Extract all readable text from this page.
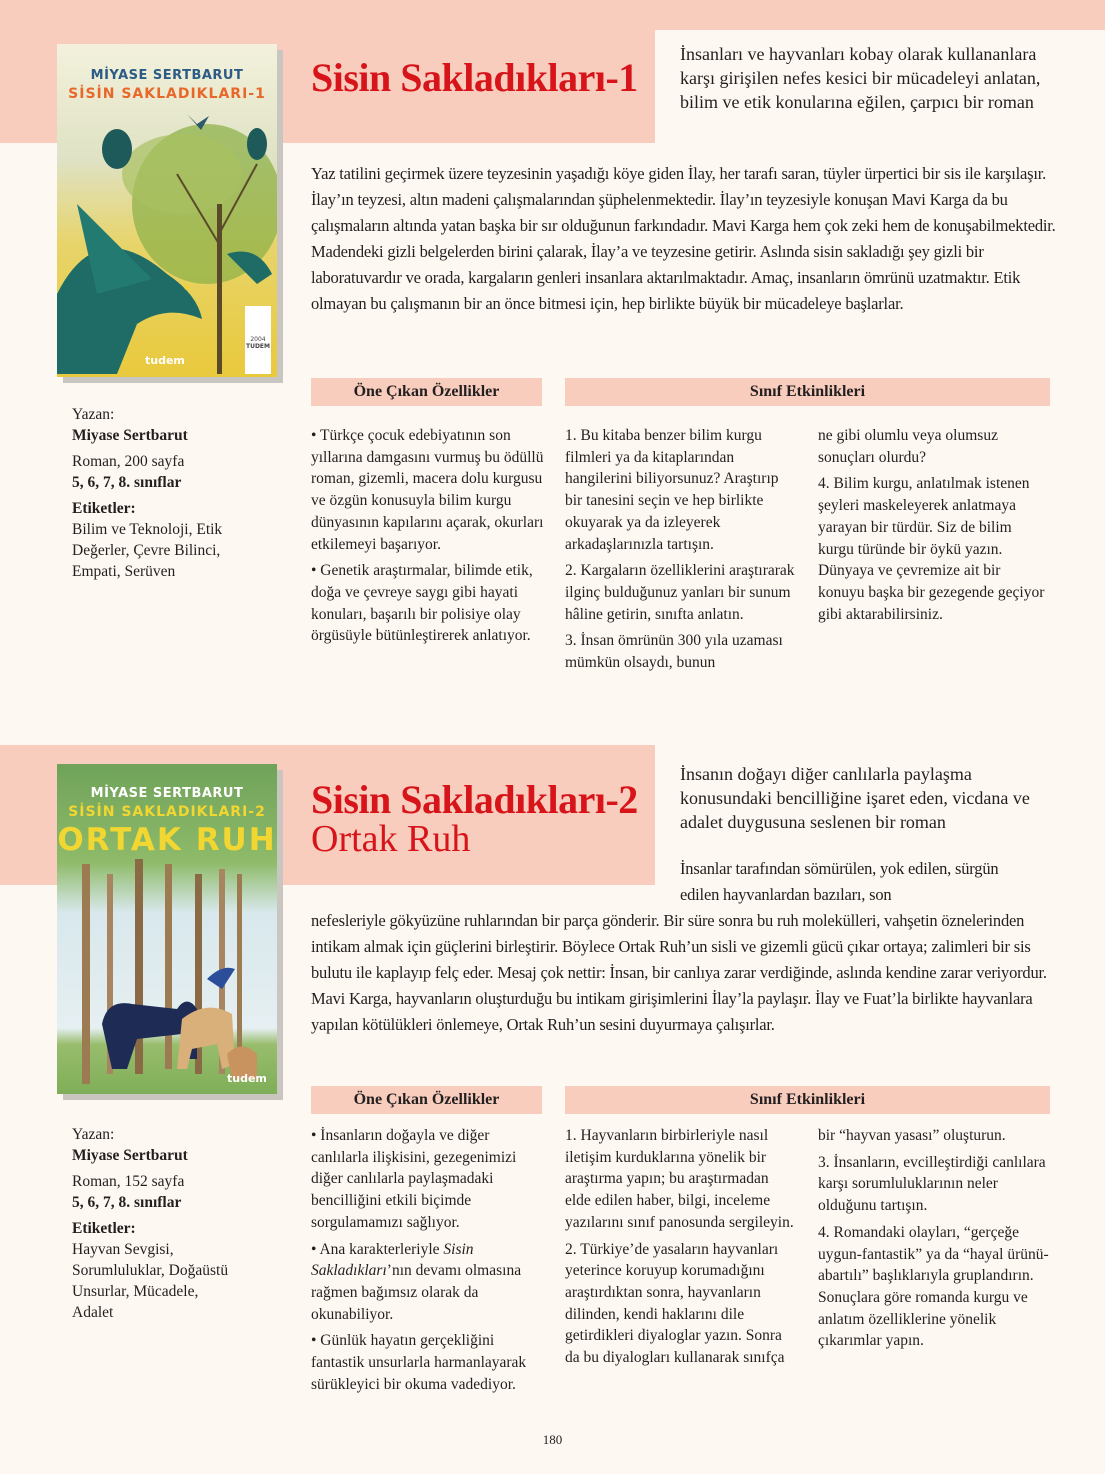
MİYASE SERTBARUT
SİSİN SAKLADIKLARI-1
tudem
2004
TUDEM
Sisin Sakladıkları-1
İnsanları ve hayvanları kobay olarak kullananlara karşı girişilen nefes kesici bir mücadeleyi anlatan, bilim ve etik konularına eğilen, çarpıcı bir roman
Yaz tatilini geçirmek üzere teyzesinin yaşadığı köye giden İlay, her tarafı saran, tüyler ürpertici bir sis ile karşılaşır. İlay’ın teyzesi, altın madeni çalışmalarından şüphelenmektedir. İlay’ın teyzesiyle konuşan Mavi Karga da bu çalışmaların altında yatan başka bir sır olduğunun farkındadır. Mavi Karga hem çok zeki hem de konuşabilmektedir. Madendeki gizli belgelerden birini çalarak, İlay’a ve teyzesine getirir. Aslında sisin sakladığı şey gizli bir laboratuvardır ve orada, kargaların genleri insanlara aktarılmaktadır. Amaç, insanların ömrünü uzatmaktır. Etik olmayan bu çalışmanın bir an önce bitmesi için, hep birlikte büyük bir mücadeleye başlarlar.
Yazan:
Miyase Sertbarut
Roman, 200 sayfa
5, 6, 7, 8. sınıflar
Etiketler:
Bilim ve Teknoloji, Etik Değerler, Çevre Bilinci, Empati, Serüven
Öne Çıkan Özellikler	Sınıf Etkinlikleri

• Türkçe çocuk edebiyatının son yıllarına damgasını vurmuş bu ödüllü roman, gizemli, macera dolu kurgusu ve özgün konusuyla bilim kurgu dünyasının kapılarını açarak, okurları etkilemeyi başarıyor.

• Genetik araştırmalar, bilimde etik, doğa ve çevreye saygı gibi hayati konuları, başarılı bir polisiye olay örgüsüyle bütünleştirerek anlatıyor.

1. Bu kitaba benzer bilim kurgu filmleri ya da kitaplarından hangilerini biliyorsunuz? Araştırıp bir tanesini seçin ve hep birlikte okuyarak ya da izleyerek arkadaşlarınızla tartışın.

2. Kargaların özelliklerini araştırarak ilginç bulduğunuz yanları bir sunum hâline getirin, sınıfta anlatın.

3. İnsan ömrünün 300 yıla uzaması mümkün olsaydı, bunun

ne gibi olumlu veya olumsuz sonuçları olurdu?

4. Bilim kurgu, anlatılmak istenen şeyleri maskeleyerek anlatmaya yarayan bir türdür. Siz de bilim kurgu türünde bir öykü yazın. Dünyaya ve çevremize ait bir konuyu başka bir gezegende geçiyor gibi aktarabilirsiniz.

MİYASE SERTBARUT
SİSİN SAKLADIKLARI-2
ORTAK RUH
tudem
Sisin Sakladıkları-2
Ortak Ruh
İnsanın doğayı diğer canlılarla paylaşma konusundaki bencilliğine işaret eden, vicdana ve adalet duygusuna seslenen bir roman
İnsanlar tarafından sömürülen, yok edilen, sürgün edilen hayvanlardan bazıları, son
nefesleriyle gökyüzüne ruhlarından bir parça gönderir. Bir süre sonra bu ruh molekülleri, vahşetin öznelerinden intikam almak için güçlerini birleştirir. Böylece Ortak Ruh’un sisli ve gizemli gücü çıkar ortaya; zalimleri bir sis bulutu ile kaplayıp felç eder. Mesaj çok nettir: İnsan, bir canlıya zarar verdiğinde, aslında kendine zarar veriyordur. Mavi Karga, hayvanların oluşturduğu bu intikam girişimlerini İlay’la paylaşır. İlay ve Fuat’la birlikte hayvanlara yapılan kötülükleri önlemeye, Ortak Ruh’un sesini duyurmaya çalışırlar.
Yazan:
Miyase Sertbarut
Roman, 152 sayfa
5, 6, 7, 8. sınıflar
Etiketler:
Hayvan Sevgisi, Sorumluluklar, Doğaüstü Unsurlar, Mücadele, Adalet
Öne Çıkan Özellikler	Sınıf Etkinlikleri

• İnsanların doğayla ve diğer canlılarla ilişkisini, gezegenimizi diğer canlılarla paylaşmadaki bencilliğini etkili biçimde sorgulamamızı sağlıyor.

• Ana karakterleriyle Sisin Sakladıkları’nın devamı olmasına rağmen bağımsız olarak da okunabiliyor.

• Günlük hayatın gerçekliğini fantastik unsurlarla harmanlayarak sürükleyici bir okuma vadediyor.

1. Hayvanların birbirleriyle nasıl iletişim kurduklarına yönelik bir araştırma yapın; bu araştırmadan elde edilen haber, bilgi, inceleme yazılarını sınıf panosunda sergileyin.

2. Türkiye’de yasaların hayvanları yeterince koruyup korumadığını araştırdıktan sonra, hayvanların dilinden, kendi haklarını dile getirdikleri diyaloglar yazın. Sonra da bu diyalogları kullanarak sınıfça

bir “hayvan yasası” oluşturun.

3. İnsanların, evcilleştirdiği canlılara karşı sorumluluklarının neler olduğunu tartışın.

4. Romandaki olayları, “gerçeğe uygun-fantastik” ya da “hayal ürünü-abartılı” başlıklarıyla gruplandırın. Sonuçlara göre romanda kurgu ve anlatım özelliklerine yönelik çıkarımlar yapın.

180
